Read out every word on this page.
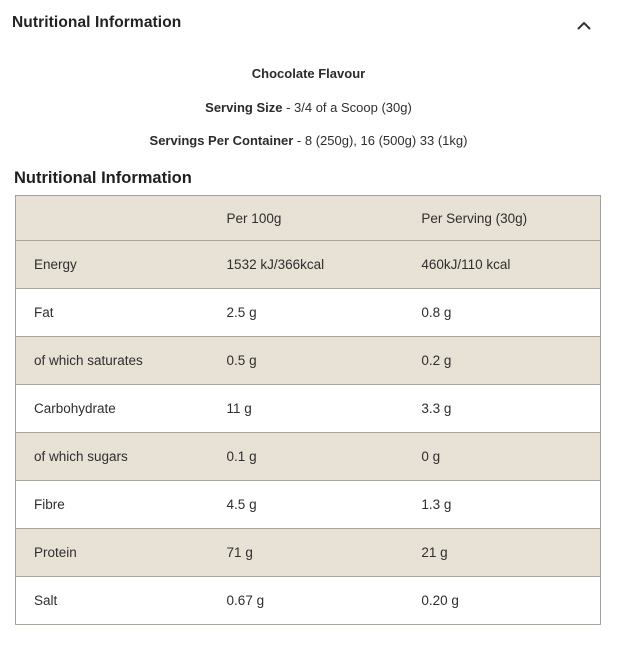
Nutritional Information

Chocolate Flavour

Serving Size - 3/4 of a Scoop (30g)

Servings Per Container - 8 (250g), 16 (500g) 33 (1kg)

Nutritional Information
	Per 100g	Per Serving (30g)
Energy	1532 kJ/366kcal	460kJ/110 kcal
Fat	2.5 g	0.8 g
of which saturates	0.5 g	0.2 g
Carbohydrate	11 g	3.3 g
of which sugars	0.1 g	0 g
Fibre	4.5 g	1.3 g
Protein	71 g	21 g
Salt	0.67 g	0.20 g
